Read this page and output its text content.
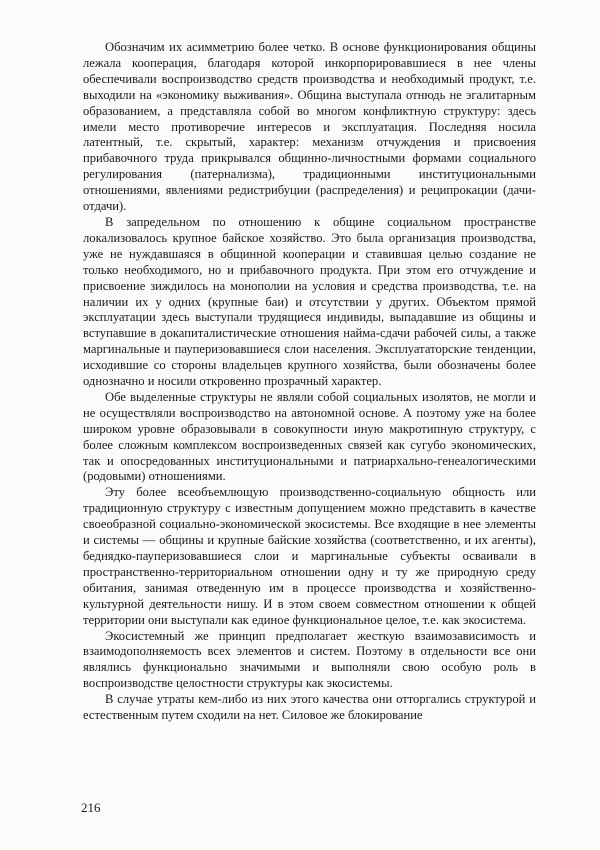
Обозначим их асимметрию более четко. В основе функционирования общины лежала кооперация, благодаря которой инкорпорировавшиеся в нее члены обеспечивали воспроизводство средств производства и необходимый продукт, т.е. выходили на «экономику выживания». Община выступала отнюдь не эгалитарным образованием, а представляла собой во многом конфликтную структуру: здесь имели место противоречие интересов и эксплуатация. Последняя носила латентный, т.е. скрытый, характер: механизм отчуждения и присвоения прибавочного труда прикрывался общинно-личностными формами социального регулирования (патернализма), традиционными институциональными отношениями, явлениями редистрибуции (распределения) и реципрокации (дачи-отдачи).

В запредельном по отношению к общине социальном пространстве локализовалось крупное байское хозяйство. Это была организация производства, уже не нуждавшаяся в общинной кооперации и ставившая целью создание не только необходимого, но и прибавочного продукта. При этом его отчуждение и присвоение зиждилось на монополии на условия и средства производства, т.е. на наличии их у одних (крупные баи) и отсутствии у других. Объектом прямой эксплуатации здесь выступали трудящиеся индивиды, выпадавшие из общины и вступавшие в докапиталистические отношения найма-сдачи рабочей силы, а также маргинальные и пауперизовавшиеся слои населения. Эксплуататорские тенденции, исходившие со стороны владельцев крупного хозяйства, были обозначены более однозначно и носили откровенно прозрачный характер.

Обе выделенные структуры не являли собой социальных изолятов, не могли и не осуществляли воспроизводство на автономной основе. А поэтому уже на более широком уровне образовывали в совокупности иную макротипную структуру, с более сложным комплексом воспроизведенных связей как сугубо экономических, так и опосредованных институциональными и патриархально-генеалогическими (родовыми) отношениями.

Эту более всеобъемлющую производственно-социальную общность или традиционную структуру с известным допущением можно представить в качестве своеобразной социально-экономической экосистемы. Все входящие в нее элементы и системы — общины и крупные байские хозяйства (соответственно, и их агенты), беднядко-пауперизовавшиеся слои и маргинальные субъекты осваивали в пространственно-территориальном отношении одну и ту же природную среду обитания, занимая отведенную им в процессе производства и хозяйственно-культурной деятельности нишу. И в этом своем совместном отношении к общей территории они выступали как единое функциональное целое, т.е. как экосистема.

Экосистемный же принцип предполагает жесткую взаимозависимость и взаимодополняемость всех элементов и систем. Поэтому в отдельности все они являлись функционально значимыми и выполняли свою особую роль в воспроизводстве целостности структуры как экосистемы.

В случае утраты кем-либо из них этого качества они отторгались структурой и естественным путем сходили на нет. Силовое же блокирование

216
